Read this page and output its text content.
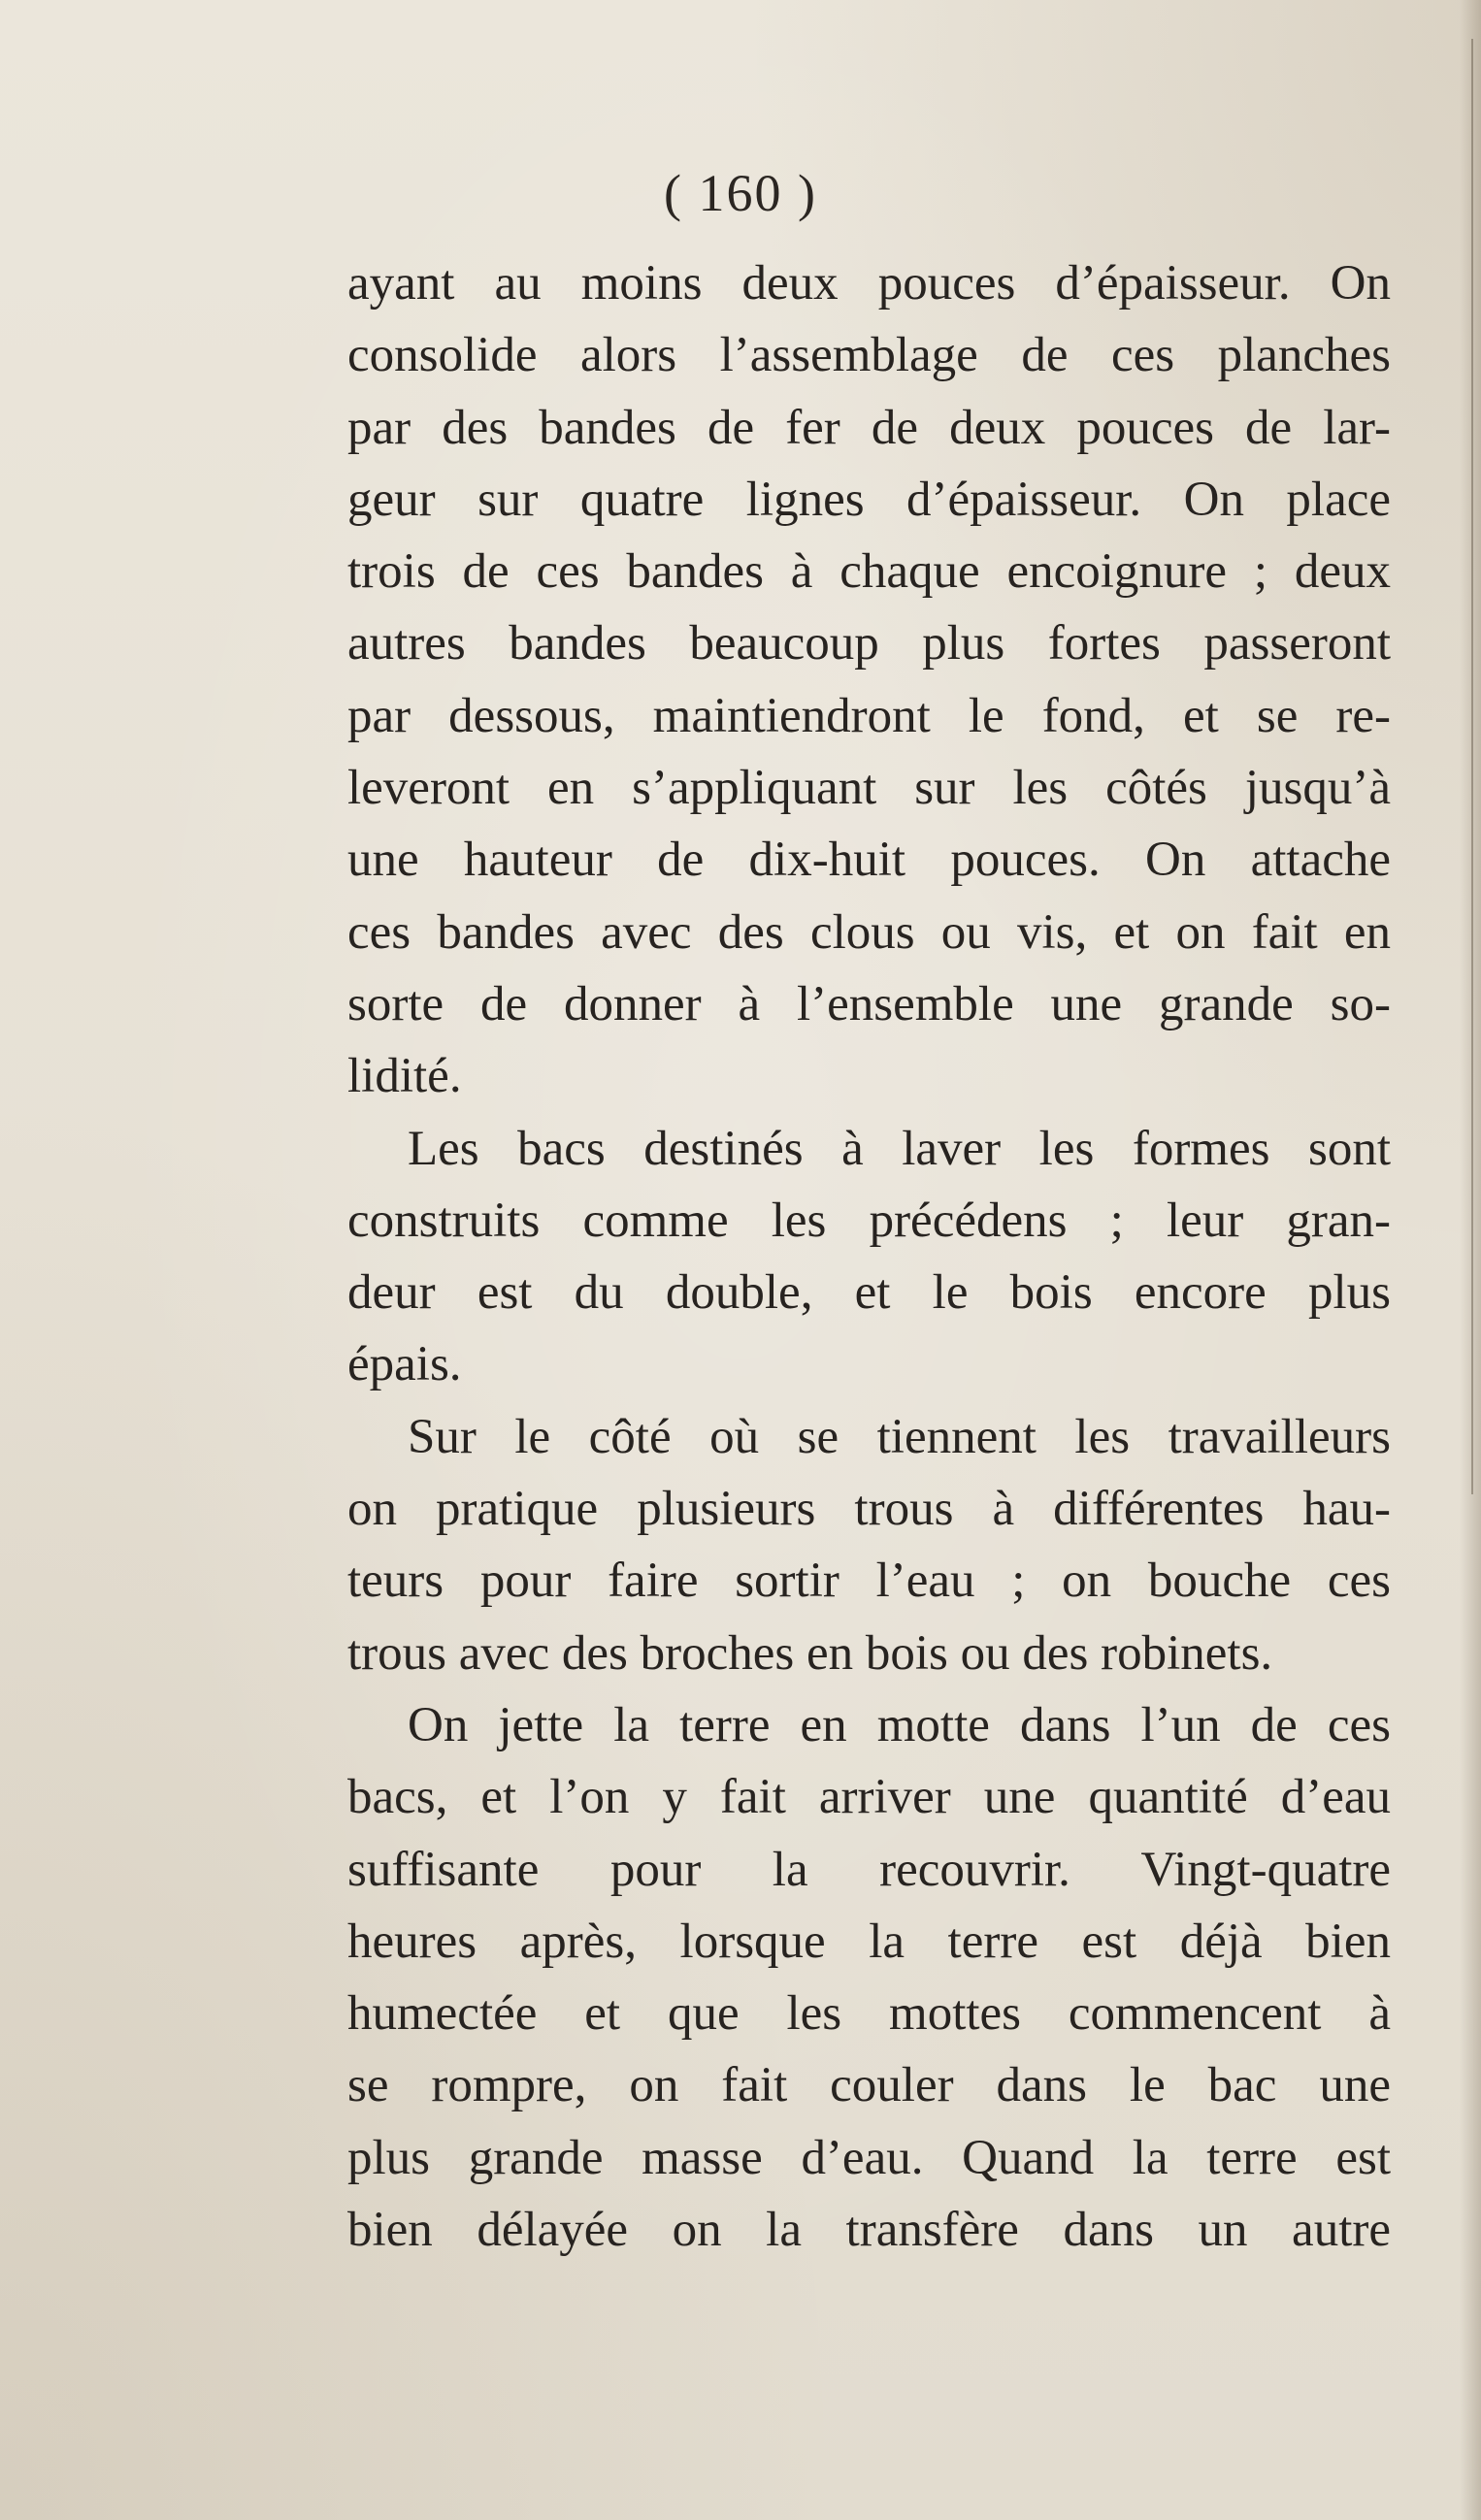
( 160 )

ayant au moins deux pouces d’épaisseur. On
consolide alors l’assemblage de ces planches
par des bandes de fer de deux pouces de lar-
geur sur quatre lignes d’épaisseur. On place
trois de ces bandes à chaque encoignure ; deux
autres bandes beaucoup plus fortes passeront
par dessous, maintiendront le fond, et se re-
leveront en s’appliquant sur les côtés jusqu’à
une hauteur de dix-huit pouces. On attache
ces bandes avec des clous ou vis, et on fait en
sorte de donner à l’ensemble une grande so-
lidité.
Les bacs destinés à laver les formes sont
construits comme les précédens ; leur gran-
deur est du double, et le bois encore plus
épais.
Sur le côté où se tiennent les travailleurs
on pratique plusieurs trous à différentes hau-
teurs pour faire sortir l’eau ; on bouche ces
trous avec des broches en bois ou des robinets.
On jette la terre en motte dans l’un de ces
bacs, et l’on y fait arriver une quantité d’eau
suffisante pour la recouvrir. Vingt-quatre
heures après, lorsque la terre est déjà bien
humectée et que les mottes commencent à
se rompre, on fait couler dans le bac une
plus grande masse d’eau. Quand la terre est
bien délayée on la transfère dans un autre
